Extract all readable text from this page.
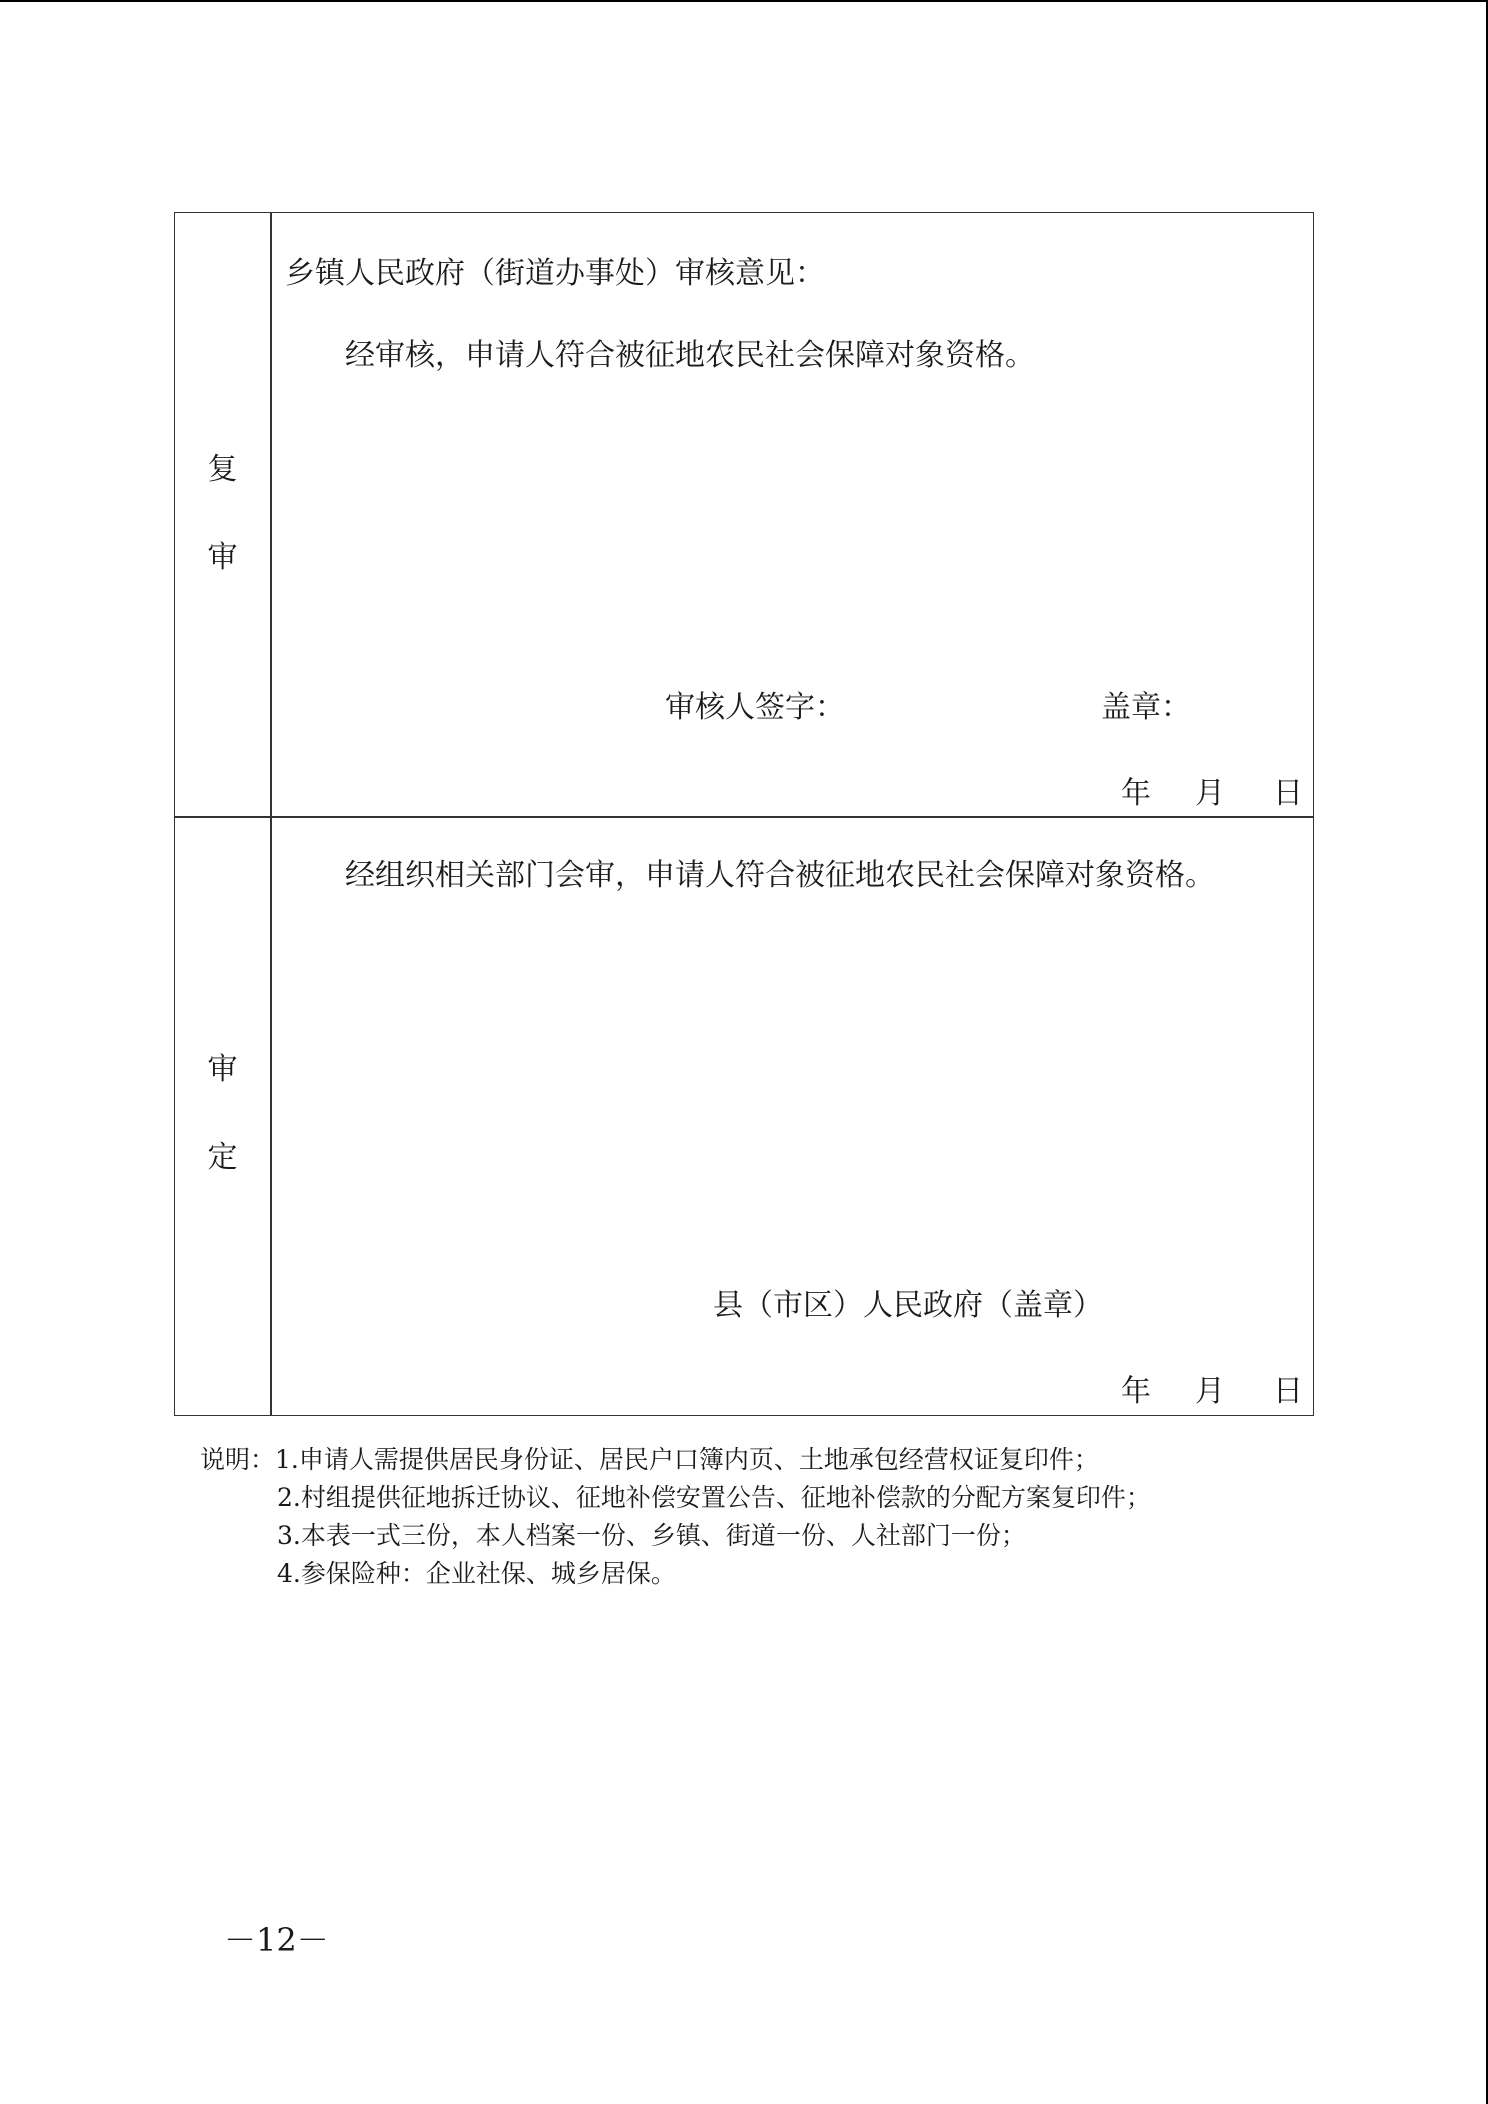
复
审
乡镇人民政府（街道办事处）审核意见：
经审核，申请人符合被征地农民社会保障对象资格。
审核人签字：	盖章：
年 月 日
审
定
经组织相关部门会审，申请人符合被征地农民社会保障对象资格。
县（市区）人民政府（盖章）
年 月 日
说明：1.申请人需提供居民身份证、居民户口簿内页、土地承包经营权证复印件；
2.村组提供征地拆迁协议、征地补偿安置公告、征地补偿款的分配方案复印件；
3.本表一式三份，本人档案一份、乡镇、街道一份、人社部门一份；
4.参保险种：企业社保、城乡居保。
－12－
